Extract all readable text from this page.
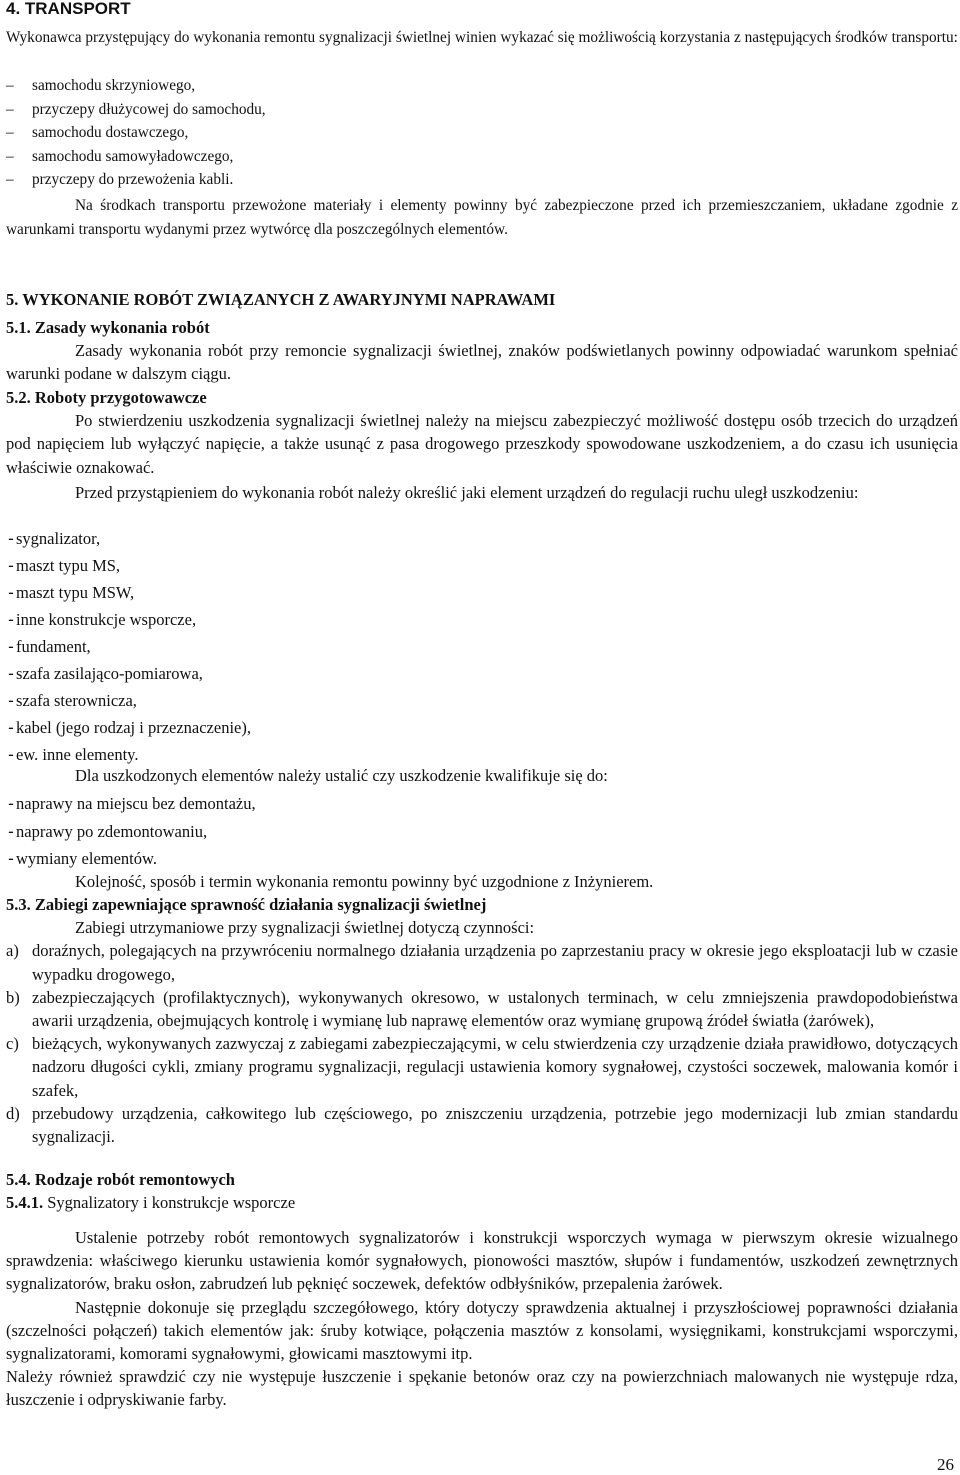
4. TRANSPORT

Wykonawca przystępujący do wykonania remontu sygnalizacji świetlnej winien wykazać się możliwością korzystania z następujących środków transportu:

–	samochodu skrzyniowego,
–	przyczepy dłużycowej do samochodu,
–	samochodu dostawczego,
–	samochodu samowyładowczego,
–	przyczepy do przewożenia kabli.

Na środkach transportu przewożone materiały i elementy powinny być zabezpieczone przed ich przemieszczaniem, układane zgodnie z warunkami transportu wydanymi przez wytwórcę dla poszczególnych elementów.

5. WYKONANIE ROBÓT ZWIĄZANYCH Z AWARYJNYMI NAPRAWAMI
5.1. Zasady wykonania robót

Zasady wykonania robót przy remoncie sygnalizacji świetlnej, znaków podświetlanych powinny odpowiadać warunkom spełniać warunki podane w dalszym ciągu.

5.2. Roboty przygotowawcze

Po stwierdzeniu uszkodzenia sygnalizacji świetlnej należy na miejscu zabezpieczyć możliwość dostępu osób trzecich do urządzeń pod napięciem lub wyłączyć napięcie, a także usunąć z pasa drogowego przeszkody spowodowane uszkodzeniem, a do czasu ich usunięcia właściwie oznakować.

Przed przystąpieniem do wykonania robót należy określić jaki element urządzeń do regulacji ruchu uległ uszkodzeniu:

-sygnalizator,
-maszt typu MS,
-maszt typu MSW,
-inne konstrukcje wsporcze,
-fundament,
-szafa zasilająco-pomiarowa,
-szafa sterownicza,
-kabel (jego rodzaj i przeznaczenie),
-ew. inne elementy.

Dla uszkodzonych elementów należy ustalić czy uszkodzenie kwalifikuje się do:

-naprawy na miejscu bez demontażu,
-naprawy po zdemontowaniu,
-wymiany elementów.

Kolejność, sposób i termin wykonania remontu powinny być uzgodnione z Inżynierem.

5.3. Zabiegi zapewniające sprawność działania sygnalizacji świetlnej

Zabiegi utrzymaniowe przy sygnalizacji świetlnej dotyczą czynności:

a) doraźnych, polegających na przywróceniu normalnego działania urządzenia po zaprzestaniu pracy w okresie jego eksploatacji lub w czasie wypadku drogowego,
b) zabezpieczających (profilaktycznych), wykonywanych okresowo, w ustalonych terminach, w celu zmniejszenia prawdopodobieństwa awarii urządzenia, obejmujących kontrolę i wymianę lub naprawę elementów oraz wymianę grupową źródeł światła (żarówek),
c) bieżących, wykonywanych zazwyczaj z zabiegami zabezpieczającymi, w celu stwierdzenia czy urządzenie działa prawidłowo, dotyczących nadzoru długości cykli, zmiany programu sygnalizacji, regulacji ustawienia komory sygnałowej, czystości soczewek, malowania komór i szafek,
d) przebudowy urządzenia, całkowitego lub częściowego, po zniszczeniu urządzenia, potrzebie jego modernizacji lub zmian standardu sygnalizacji.
5.4. Rodzaje robót remontowych
5.4.1. Sygnalizatory i konstrukcje wsporcze

Ustalenie potrzeby robót remontowych sygnalizatorów i konstrukcji wsporczych wymaga w pierwszym okresie wizualnego sprawdzenia: właściwego kierunku ustawienia komór sygnałowych, pionowości masztów, słupów i fundamentów, uszkodzeń zewnętrznych sygnalizatorów, braku osłon, zabrudzeń lub pęknięć soczewek, defektów odbłyśników, przepalenia żarówek.

Następnie dokonuje się przeglądu szczegółowego, który dotyczy sprawdzenia aktualnej i przyszłościowej poprawności działania (szczelności połączeń) takich elementów jak: śruby kotwiące, połączenia masztów z konsolami, wysięgnikami, konstrukcjami wsporczymi, sygnalizatorami, komorami sygnałowymi, głowicami masztowymi itp.

Należy również sprawdzić czy nie występuje łuszczenie i spękanie betonów oraz czy na powierzchniach malowanych nie występuje rdza, łuszczenie i odpryskiwanie farby.

26
